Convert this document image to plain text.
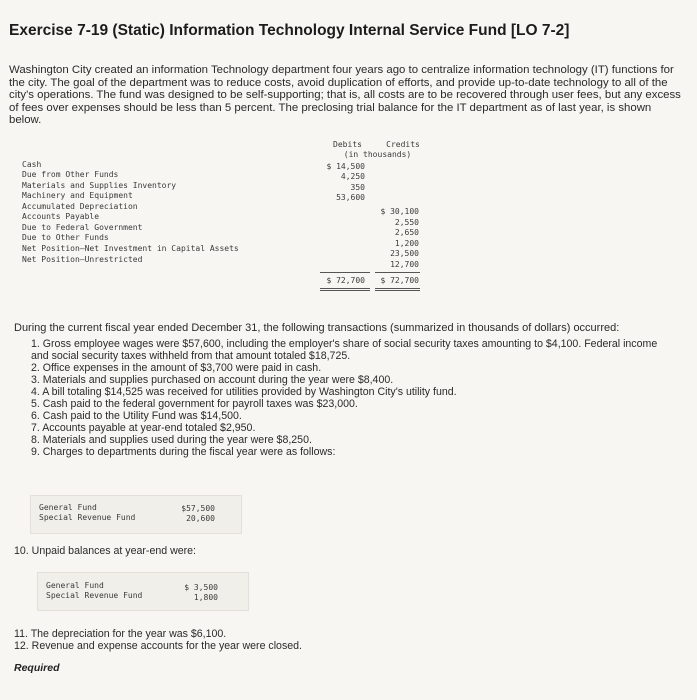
Exercise 7-19 (Static) Information Technology Internal Service Fund [LO 7-2]
Washington City created an information Technology department four years ago to centralize information technology (IT) functions for the city. The goal of the department was to reduce costs, avoid duplication of efforts, and provide up-to-date technology to all of the city's operations. The fund was designed to be self-supporting; that is, all costs are to be recovered through user fees, but any excess of fees over expenses should be less than 5 percent. The preclosing trial balance for the IT department as of last year, is shown below.
Debits	Credits
(in thousands)
Cash
Due from Other Funds
Materials and Supplies Inventory
Machinery and Equipment
Accumulated Depreciation
Accounts Payable
Due to Federal Government
Due to Other Funds
Net Position—Net Investment in Capital Assets
Net Position—Unrestricted
$ 14,500
4,250
350
53,600
$ 30,100
2,550
2,650
1,200
23,500
12,700
$ 72,700 $ 72,700
During the current fiscal year ended December 31, the following transactions (summarized in thousands of dollars) occurred:
1. Gross employee wages were $57,600, including the employer's share of social security taxes amounting to $4,100. Federal income and social security taxes withheld from that amount totaled $18,725.
2. Office expenses in the amount of $3,700 were paid in cash.
3. Materials and supplies purchased on account during the year were $8,400.
4. A bill totaling $14,525 was received for utilities provided by Washington City's utility fund.
5. Cash paid to the federal government for payroll taxes was $23,000.
6. Cash paid to the Utility Fund was $14,500.
7. Accounts payable at year-end totaled $2,950.
8. Materials and supplies used during the year were $8,250.
9. Charges to departments during the fiscal year were as follows:
General Fund
Special Revenue Fund
$57,500
20,600
10. Unpaid balances at year-end were:
General Fund
Special Revenue Fund
$ 3,500
1,800
11. The depreciation for the year was $6,100.
12. Revenue and expense accounts for the year were closed.
Required
